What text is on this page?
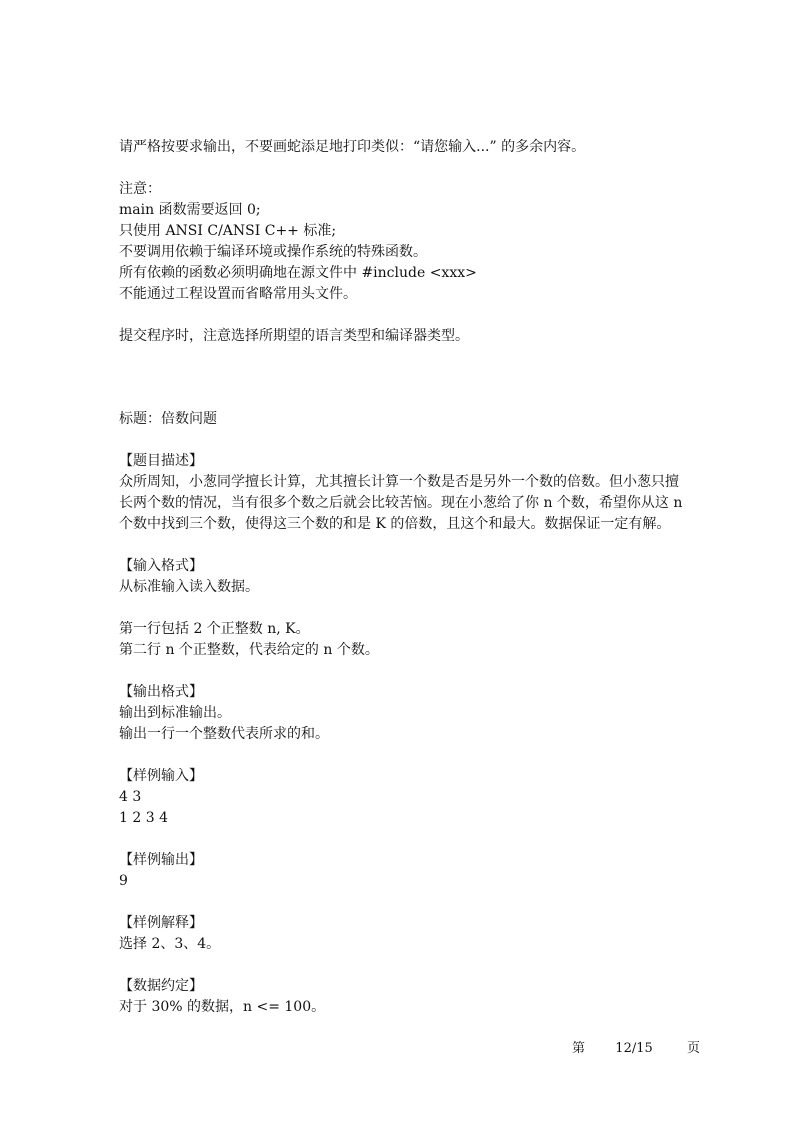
请严格按要求输出，不要画蛇添足地打印类似：“请您输入...” 的多余内容。
注意：
main 函数需要返回 0;
只使用 ANSI C/ANSI C++ 标准;
不要调用依赖于编译环境或操作系统的特殊函数。
所有依赖的函数必须明确地在源文件中 #include <xxx>
不能通过工程设置而省略常用头文件。
提交程序时，注意选择所期望的语言类型和编译器类型。
标题：倍数问题
【题目描述】
众所周知，小葱同学擅长计算，尤其擅长计算一个数是否是另外一个数的倍数。但小葱只擅
长两个数的情况，当有很多个数之后就会比较苦恼。现在小葱给了你 n 个数，希望你从这 n
个数中找到三个数，使得这三个数的和是 K 的倍数，且这个和最大。数据保证一定有解。
【输入格式】
从标准输入读入数据。
第一行包括 2 个正整数 n, K。
第二行 n 个正整数，代表给定的 n 个数。
【输出格式】
输出到标准输出。
输出一行一个整数代表所求的和。
【样例输入】
4 3
1 2 3 4
【样例输出】
9
【样例解释】
选择 2、3、4。
【数据约定】
对于 30% 的数据，n <= 100。
第 12/15	页
